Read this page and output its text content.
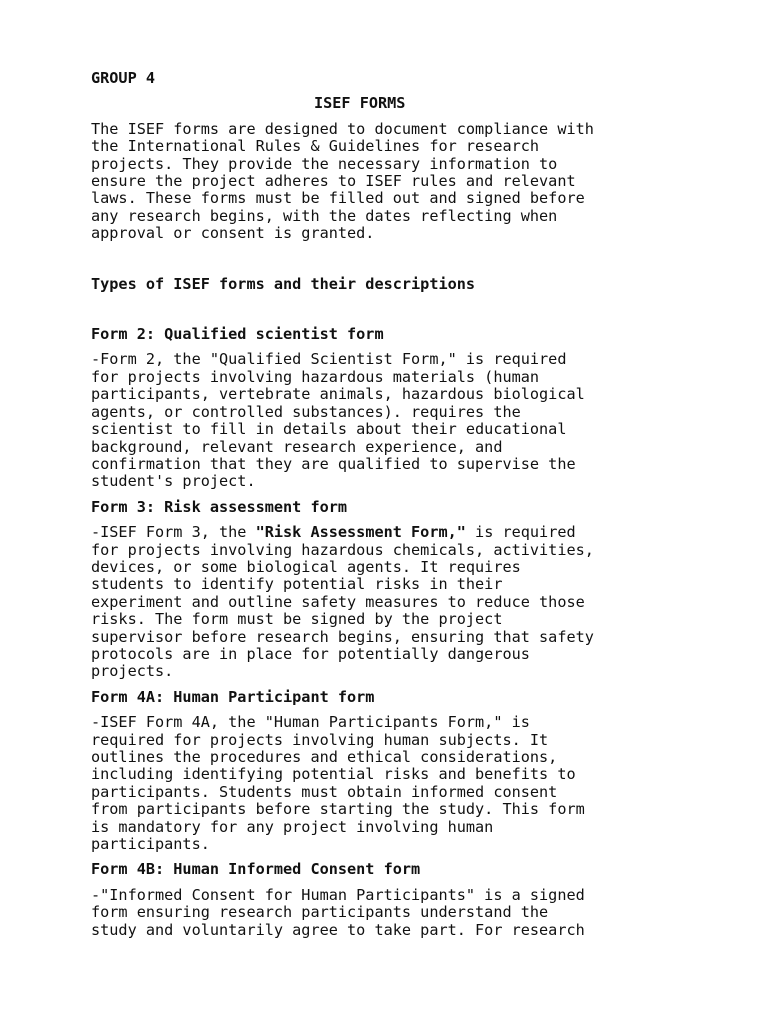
GROUP 4

ISEF FORMS

The ISEF forms are designed to document compliance with

the International Rules & Guidelines for research

projects. They provide the necessary information to

ensure the project adheres to ISEF rules and relevant

laws. These forms must be filled out and signed before

any research begins, with the dates reflecting when

approval or consent is granted.

Types of ISEF forms and their descriptions

Form 2: Qualified scientist form

-Form 2, the "Qualified Scientist Form," is required

for projects involving hazardous materials (human

participants, vertebrate animals, hazardous biological

agents, or controlled substances). requires the

scientist to fill in details about their educational

background, relevant research experience, and

confirmation that they are qualified to supervise the

student's project.

Form 3: Risk assessment form

-ISEF Form 3, the "Risk Assessment Form," is required

for projects involving hazardous chemicals, activities,

devices, or some biological agents. It requires

students to identify potential risks in their

experiment and outline safety measures to reduce those

risks. The form must be signed by the project

supervisor before research begins, ensuring that safety

protocols are in place for potentially dangerous

projects.

Form 4A: Human Participant form

-ISEF Form 4A, the "Human Participants Form," is

required for projects involving human subjects. It

outlines the procedures and ethical considerations,

including identifying potential risks and benefits to

participants. Students must obtain informed consent

from participants before starting the study. This form

is mandatory for any project involving human

participants.

Form 4B: Human Informed Consent form

-"Informed Consent for Human Participants" is a signed

form ensuring research participants understand the

study and voluntarily agree to take part. For research
